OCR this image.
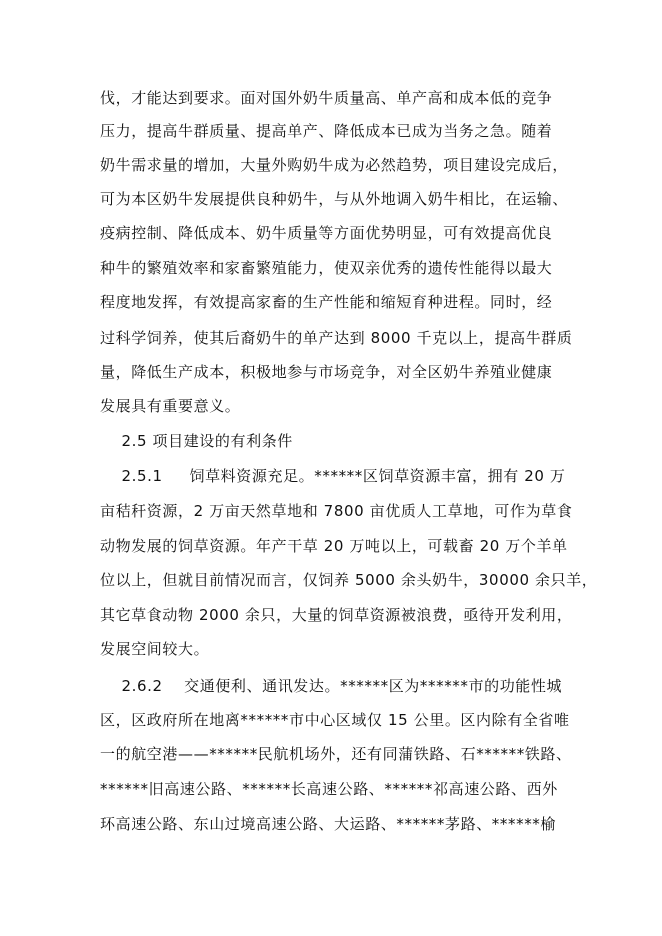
伐，才能达到要求。面对国外奶牛质量高、单产高和成本低的竞争
压力，提高牛群质量、提高单产、降低成本已成为当务之急。随着
奶牛需求量的增加，大量外购奶牛成为必然趋势，项目建设完成后，
可为本区奶牛发展提供良种奶牛，与从外地调入奶牛相比，在运输、
疫病控制、降低成本、奶牛质量等方面优势明显，可有效提高优良
种牛的繁殖效率和家畜繁殖能力，使双亲优秀的遗传性能得以最大
程度地发挥，有效提高家畜的生产性能和缩短育种进程。同时，经
过科学饲养，使其后裔奶牛的单产达到 8000 千克以上，提高牛群质
量，降低生产成本，积极地参与市场竞争，对全区奶牛养殖业健康
发展具有重要意义。
2.5 项目建设的有利条件
2.5.1     饲草料资源充足。******区饲草资源丰富，拥有 20 万
亩秸秆资源，2 万亩天然草地和 7800 亩优质人工草地，可作为草食
动物发展的饲草资源。年产干草 20 万吨以上，可载畜 20 万个羊单
位以上，但就目前情况而言，仅饲养 5000 余头奶牛，30000 余只羊，
其它草食动物 2000 余只，大量的饲草资源被浪费，亟待开发利用，
发展空间较大。
2.6.2    交通便利、通讯发达。******区为******市的功能性城
区，区政府所在地离******市中心区域仅 15 公里。区内除有全省唯
一的航空港——******民航机场外，还有同蒲铁路、石******铁路、
******旧高速公路、******长高速公路、******祁高速公路、西外
环高速公路、东山过境高速公路、大运路、******茅路、******榆
